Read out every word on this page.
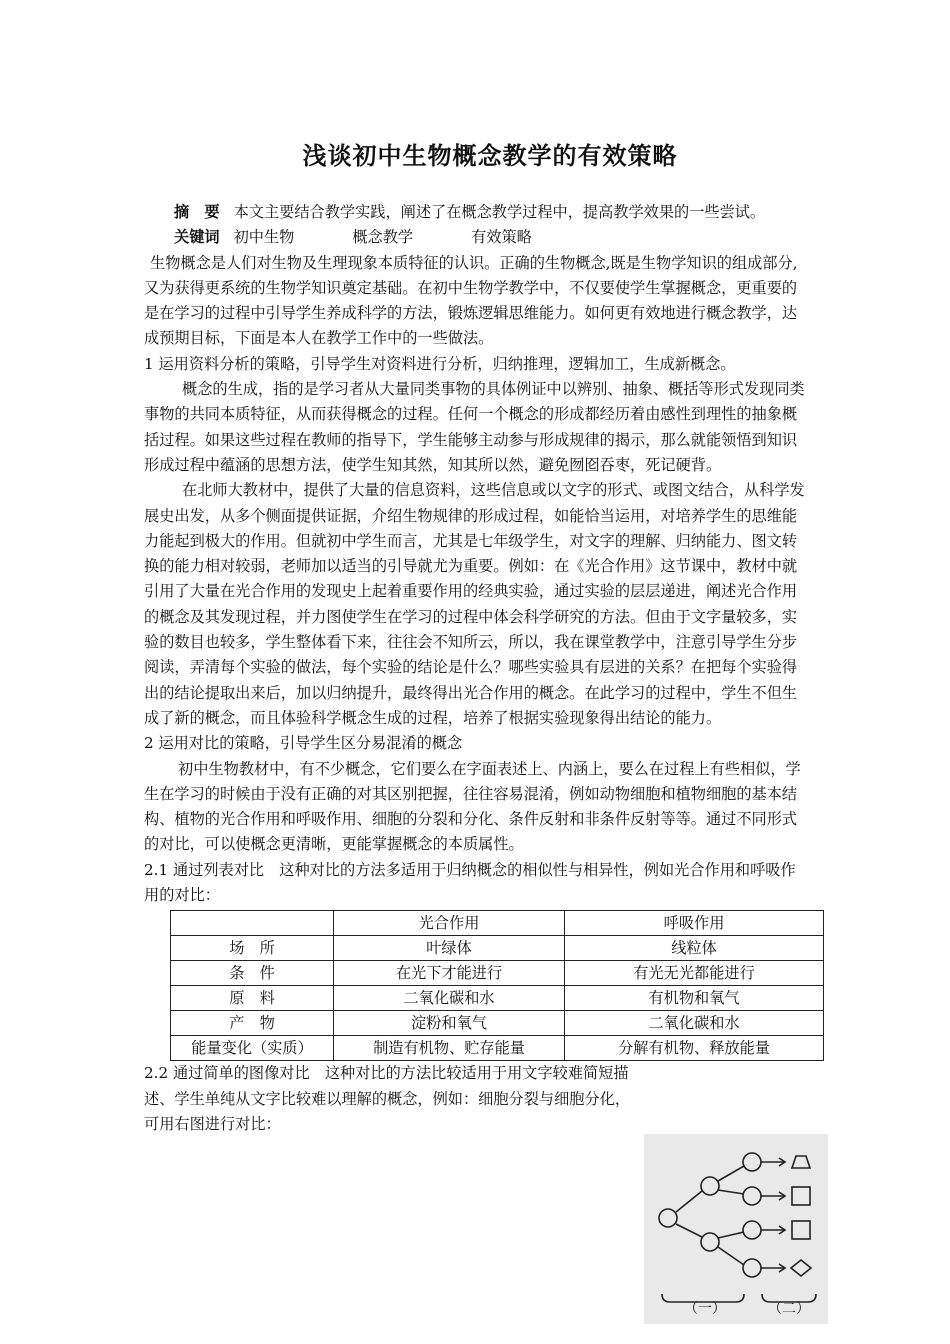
浅谈初中生物概念教学的有效策略

摘　要 本文主要结合教学实践，阐述了在概念教学过程中，提高教学效果的一些尝试。

关键词 初中生物	概念教学	有效策略

生物概念是人们对生物及生理现象本质特征的认识。正确的生物概念,既是生物学知识的组成部分,又为获得更系统的生物学知识奠定基础。在初中生物学教学中，不仅要使学生掌握概念，更重要的是在学习的过程中引导学生养成科学的方法，锻炼逻辑思维能力。如何更有效地进行概念教学，达成预期目标，下面是本人在教学工作中的一些做法。

1 运用资料分析的策略，引导学生对资料进行分析，归纳推理，逻辑加工，生成新概念。

概念的生成，指的是学习者从大量同类事物的具体例证中以辨别、抽象、概括等形式发现同类事物的共同本质特征，从而获得概念的过程。任何一个概念的形成都经历着由感性到理性的抽象概括过程。如果这些过程在教师的指导下，学生能够主动参与形成规律的揭示，那么就能领悟到知识形成过程中蕴涵的思想方法，使学生知其然，知其所以然，避免囫囵吞枣，死记硬背。

在北师大教材中，提供了大量的信息资料，这些信息或以文字的形式、或图文结合，从科学发展史出发，从多个侧面提供证据，介绍生物规律的形成过程，如能恰当运用，对培养学生的思维能力能起到极大的作用。但就初中学生而言，尤其是七年级学生，对文字的理解、归纳能力、图文转换的能力相对较弱，老师加以适当的引导就尤为重要。例如：在《光合作用》这节课中，教材中就引用了大量在光合作用的发现史上起着重要作用的经典实验，通过实验的层层递进，阐述光合作用的概念及其发现过程，并力图使学生在学习的过程中体会科学研究的方法。但由于文字量较多，实验的数目也较多，学生整体看下来，往往会不知所云，所以，我在课堂教学中，注意引导学生分步阅读，弄清每个实验的做法，每个实验的结论是什么？哪些实验具有层进的关系？在把每个实验得出的结论提取出来后，加以归纳提升，最终得出光合作用的概念。在此学习的过程中，学生不但生成了新的概念，而且体验科学概念生成的过程，培养了根据实验现象得出结论的能力。

2 运用对比的策略，引导学生区分易混淆的概念

初中生物教材中，有不少概念，它们要么在字面表述上、内涵上，要么在过程上有些相似，学生在学习的时候由于没有正确的对其区别把握，往往容易混淆，例如动物细胞和植物细胞的基本结构、植物的光合作用和呼吸作用、细胞的分裂和分化、条件反射和非条件反射等等。通过不同形式的对比，可以使概念更清晰，更能掌握概念的本质属性。

2.1 通过列表对比　这种对比的方法多适用于归纳概念的相似性与相异性，例如光合作用和呼吸作用的对比：

	光合作用	呼吸作用
场　所	叶绿体	线粒体
条　件	在光下才能进行	有光无光都能进行
原　料	二氧化碳和水	有机物和氧气
产　物	淀粉和氧气	二氧化碳和水
能量变化（实质）	制造有机物、贮存能量	分解有机物、释放能量

2.2 通过简单的图像对比　这种对比的方法比较适用于用文字较难简短描述、学生单纯从文字比较难以理解的概念，例如：细胞分裂与细胞分化，可用右图进行对比：

（一）	（二）
